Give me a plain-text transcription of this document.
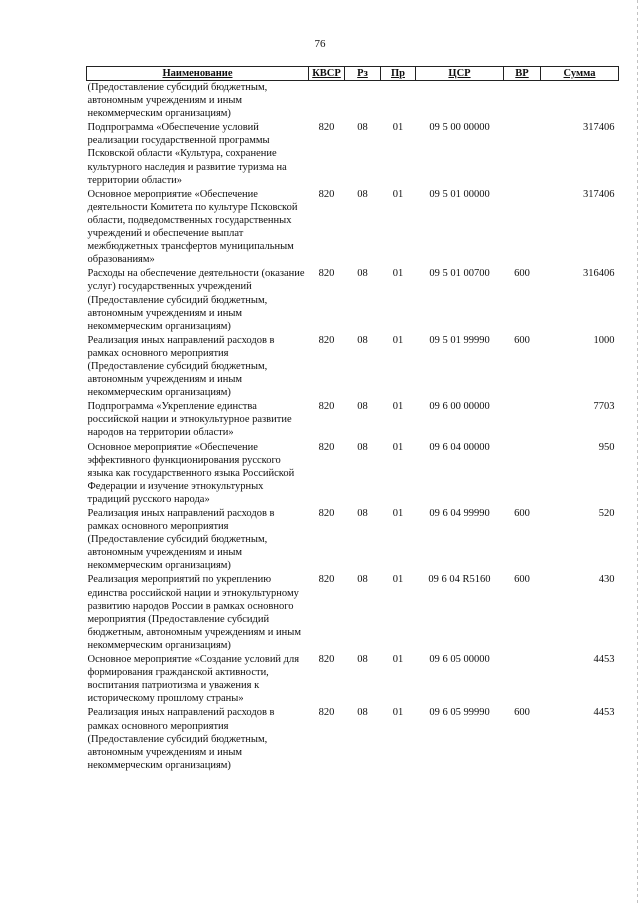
76
Наименование	КВСР	Рз	Пр	ЦСР	ВР	Сумма
(Предоставление субсидий бюджетным, автономным учреждениям и иным некоммерческим организациям)						
Подпрограмма «Обеспечение условий реализации государственной программы Псковской области «Культура, сохранение культурного наследия и развитие туризма на территории области»	820	08	01	09 5 00 00000		317406
Основное мероприятие «Обеспечение деятельности Комитета по культуре Псковской области, подведомственных государственных учреждений и обеспечение выплат межбюджетных трансфертов муниципальным образованиям»	820	08	01	09 5 01 00000		317406
Расходы на обеспечение деятельности (оказание услуг) государственных учреждений (Предоставление субсидий бюджетным, автономным учреждениям и иным некоммерческим организациям)	820	08	01	09 5 01 00700	600	316406
Реализация иных направлений расходов в рамках основного мероприятия (Предоставление субсидий бюджетным, автономным учреждениям и иным некоммерческим организациям)	820	08	01	09 5 01 99990	600	1000
Подпрограмма «Укрепление единства российской нации и этнокультурное развитие народов на территории области»	820	08	01	09 6 00 00000		7703
Основное мероприятие «Обеспечение эффективного функционирования русского языка как государственного языка Российской Федерации и изучение этнокультурных традиций русского народа»	820	08	01	09 6 04 00000		950
Реализация иных направлений расходов в рамках основного мероприятия (Предоставление субсидий бюджетным, автономным учреждениям и иным некоммерческим организациям)	820	08	01	09 6 04 99990	600	520
Реализация мероприятий по укреплению единства российской нации и этнокультурному развитию народов России в рамках основного мероприятия (Предоставление субсидий бюджетным, автономным учреждениям и иным некоммерческим организациям)	820	08	01	09 6 04 R5160	600	430
Основное мероприятие «Создание условий для формирования гражданской активности, воспитания патриотизма и уважения к историческому прошлому страны»	820	08	01	09 6 05 00000		4453
Реализация иных направлений расходов в рамках основного мероприятия (Предоставление субсидий бюджетным, автономным учреждениям и иным некоммерческим организациям)	820	08	01	09 6 05 99990	600	4453
